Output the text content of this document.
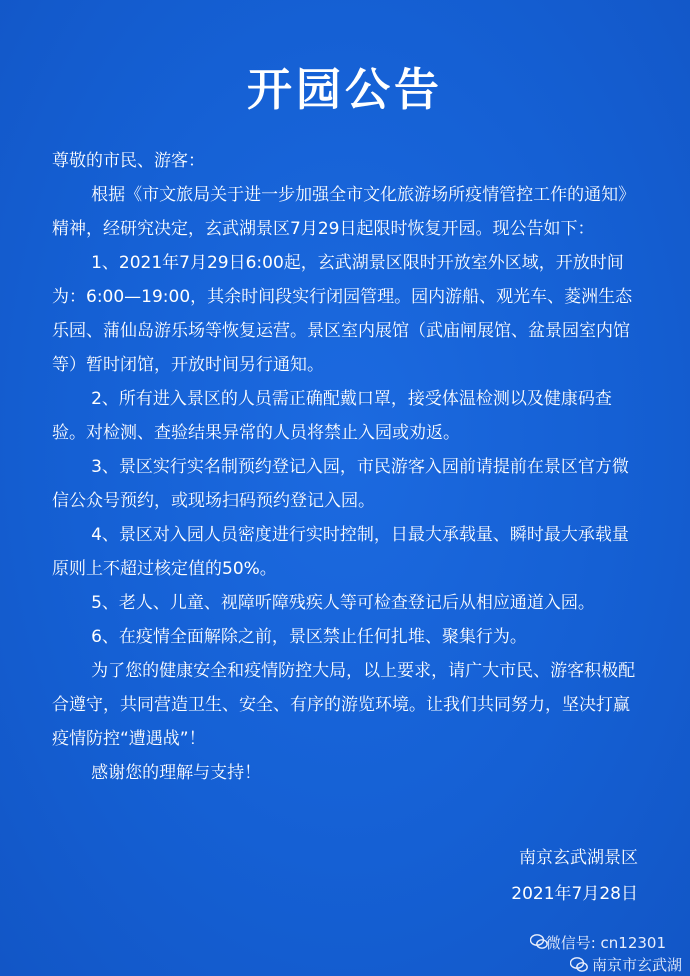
开园公告

尊敬的市民、游客：

根据《市文旅局关于进一步加强全市文化旅游场所疫情管控工作的通知》精神，经研究决定，玄武湖景区7月29日起限时恢复开园。现公告如下：

1、2021年7月29日6:00起，玄武湖景区限时开放室外区域，开放时间为：6:00—19:00，其余时间段实行闭园管理。园内游船、观光车、菱洲生态乐园、蒲仙岛游乐场等恢复运营。景区室内展馆（武庙闸展馆、盆景园室内馆等）暂时闭馆，开放时间另行通知。

2、所有进入景区的人员需正确配戴口罩，接受体温检测以及健康码查验。对检测、查验结果异常的人员将禁止入园或劝返。

3、景区实行实名制预约登记入园，市民游客入园前请提前在景区官方微信公众号预约，或现场扫码预约登记入园。

4、景区对入园人员密度进行实时控制，日最大承载量、瞬时最大承载量原则上不超过核定值的50%。

5、老人、儿童、视障听障残疾人等可检查登记后从相应通道入园。

6、在疫情全面解除之前，景区禁止任何扎堆、聚集行为。

为了您的健康安全和疫情防控大局，以上要求，请广大市民、游客积极配合遵守，共同营造卫生、安全、有序的游览环境。让我们共同努力，坚决打赢疫情防控“遭遇战”！

感谢您的理解与支持！

南京玄武湖景区
2021年7月28日
微信号: cn12301
南京市玄武湖
